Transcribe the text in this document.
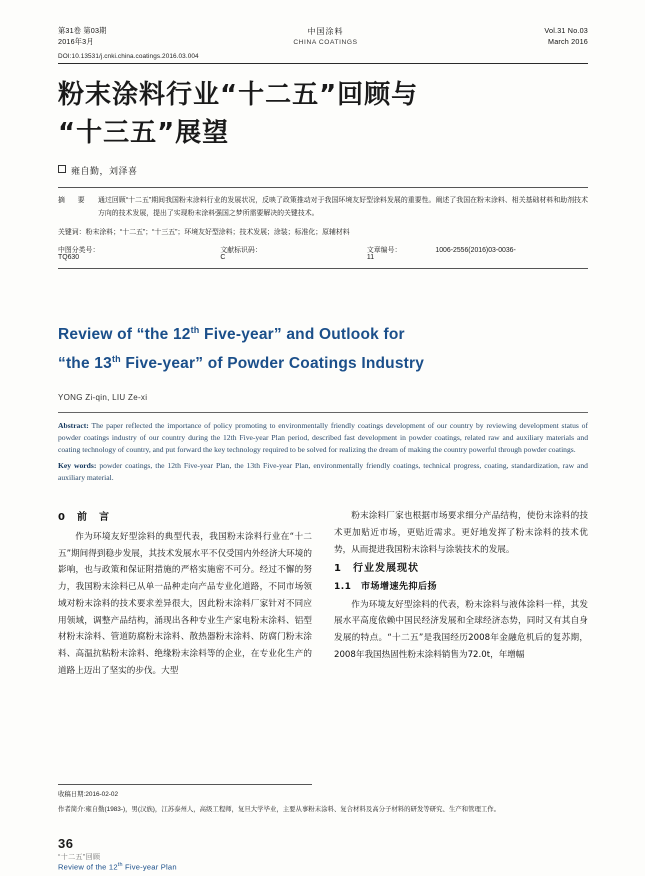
第31卷 第03期
2016年3月
中国涂料
CHINA COATINGS
Vol.31 No.03
March 2016
DOI:10.13531/j.cnki.china.coatings.2016.03.004
粉末涂料行业“十二五”回顾与
“十三五”展望
雍自勤，刘泽喜
摘　要	通过回顾“十二五”期间我国粉末涂料行业的发展状况，反映了政策推动对于我国环境友好型涂料发展的重要性。阐述了我国在粉末涂料、相关基础材料和助剂技术方向的技术发展，提出了实现粉末涂料强国之梦所需要解决的关键技术。
关键词：粉末涂料；“十二五”；“十三五”；环境友好型涂料；技术发展；涂装；标准化；原辅材料
中图分类号：TQ630
文献标识码：C
文章编号：	1006-2556(2016)03-0036-11
Review of “the 12th Five-year” and Outlook for
“the 13th Five-year” of Powder Coatings Industry
YONG Zi-qin, LIU Ze-xi
Abstract: The paper reflected the importance of policy promoting to environmentally friendly coatings development of our country by reviewing development status of powder coatings industry of our country during the 12th Five-year Plan period, described fast development in powder coatings, related raw and auxiliary materials and coating technology of country, and put forward the key technology required to be solved for realizing the dream of making the country powerful through powder coatings.
Key words: powder coatings, the 12th Five-year Plan, the 13th Five-year Plan, environmentally friendly coatings, technical progress, coating, standardization, raw and auxiliary material.
0　前　言

作为环境友好型涂料的典型代表，我国粉末涂料行业在“十二五”期间得到稳步发展，其技术发展水平不仅受国内外经济大环境的影响，也与政策和保证附措施的严格实施密不可分。经过不懈的努力，我国粉末涂料已从单一品种走向产品专业化道路，不同市场领域对粉末涂料的技术要求差异很大，因此粉末涂料厂家针对不同应用领域，调整产品结构，涌现出各种专业生产家电粉末涂料、铝型材粉末涂料、管道防腐粉末涂料、散热器粉末涂料、防腐门粉末涂料、高温抗粘粉末涂料、绝缘粉末涂料等的企业，在专业化生产的道路上迈出了坚实的步伐。大型

粉末涂料厂家也根据市场要求细分产品结构，使份末涂料的技术更加贴近市场，更贴近需求。更好地发挥了粉末涂料的技术优势，从而提进我国粉末涂料与涂装技术的发展。

1　行业发展现状
1.1　市场增速先抑后扬

作为环境友好型涂料的代表，粉末涂料与液体涂料一样，其发展水平高度依赖中国民经济发展和全球经济态势，同时又有其自身发展的特点。“十二五”是我国经历2008年金融危机后的复苏期，2008年我国热固性粉末涂料销售为72.0t，年增幅

收稿日期:2016-02-02
作者简介:雍自勤(1983-)，男(汉族)，江苏泰州人，高级工程师，复旦大学毕业，主要从事粉末涂料、复合材料及高分子材料的研发等研究、生产和管理工作。
36
“十二五”回顾
Review of the 12th Five-year Plan
